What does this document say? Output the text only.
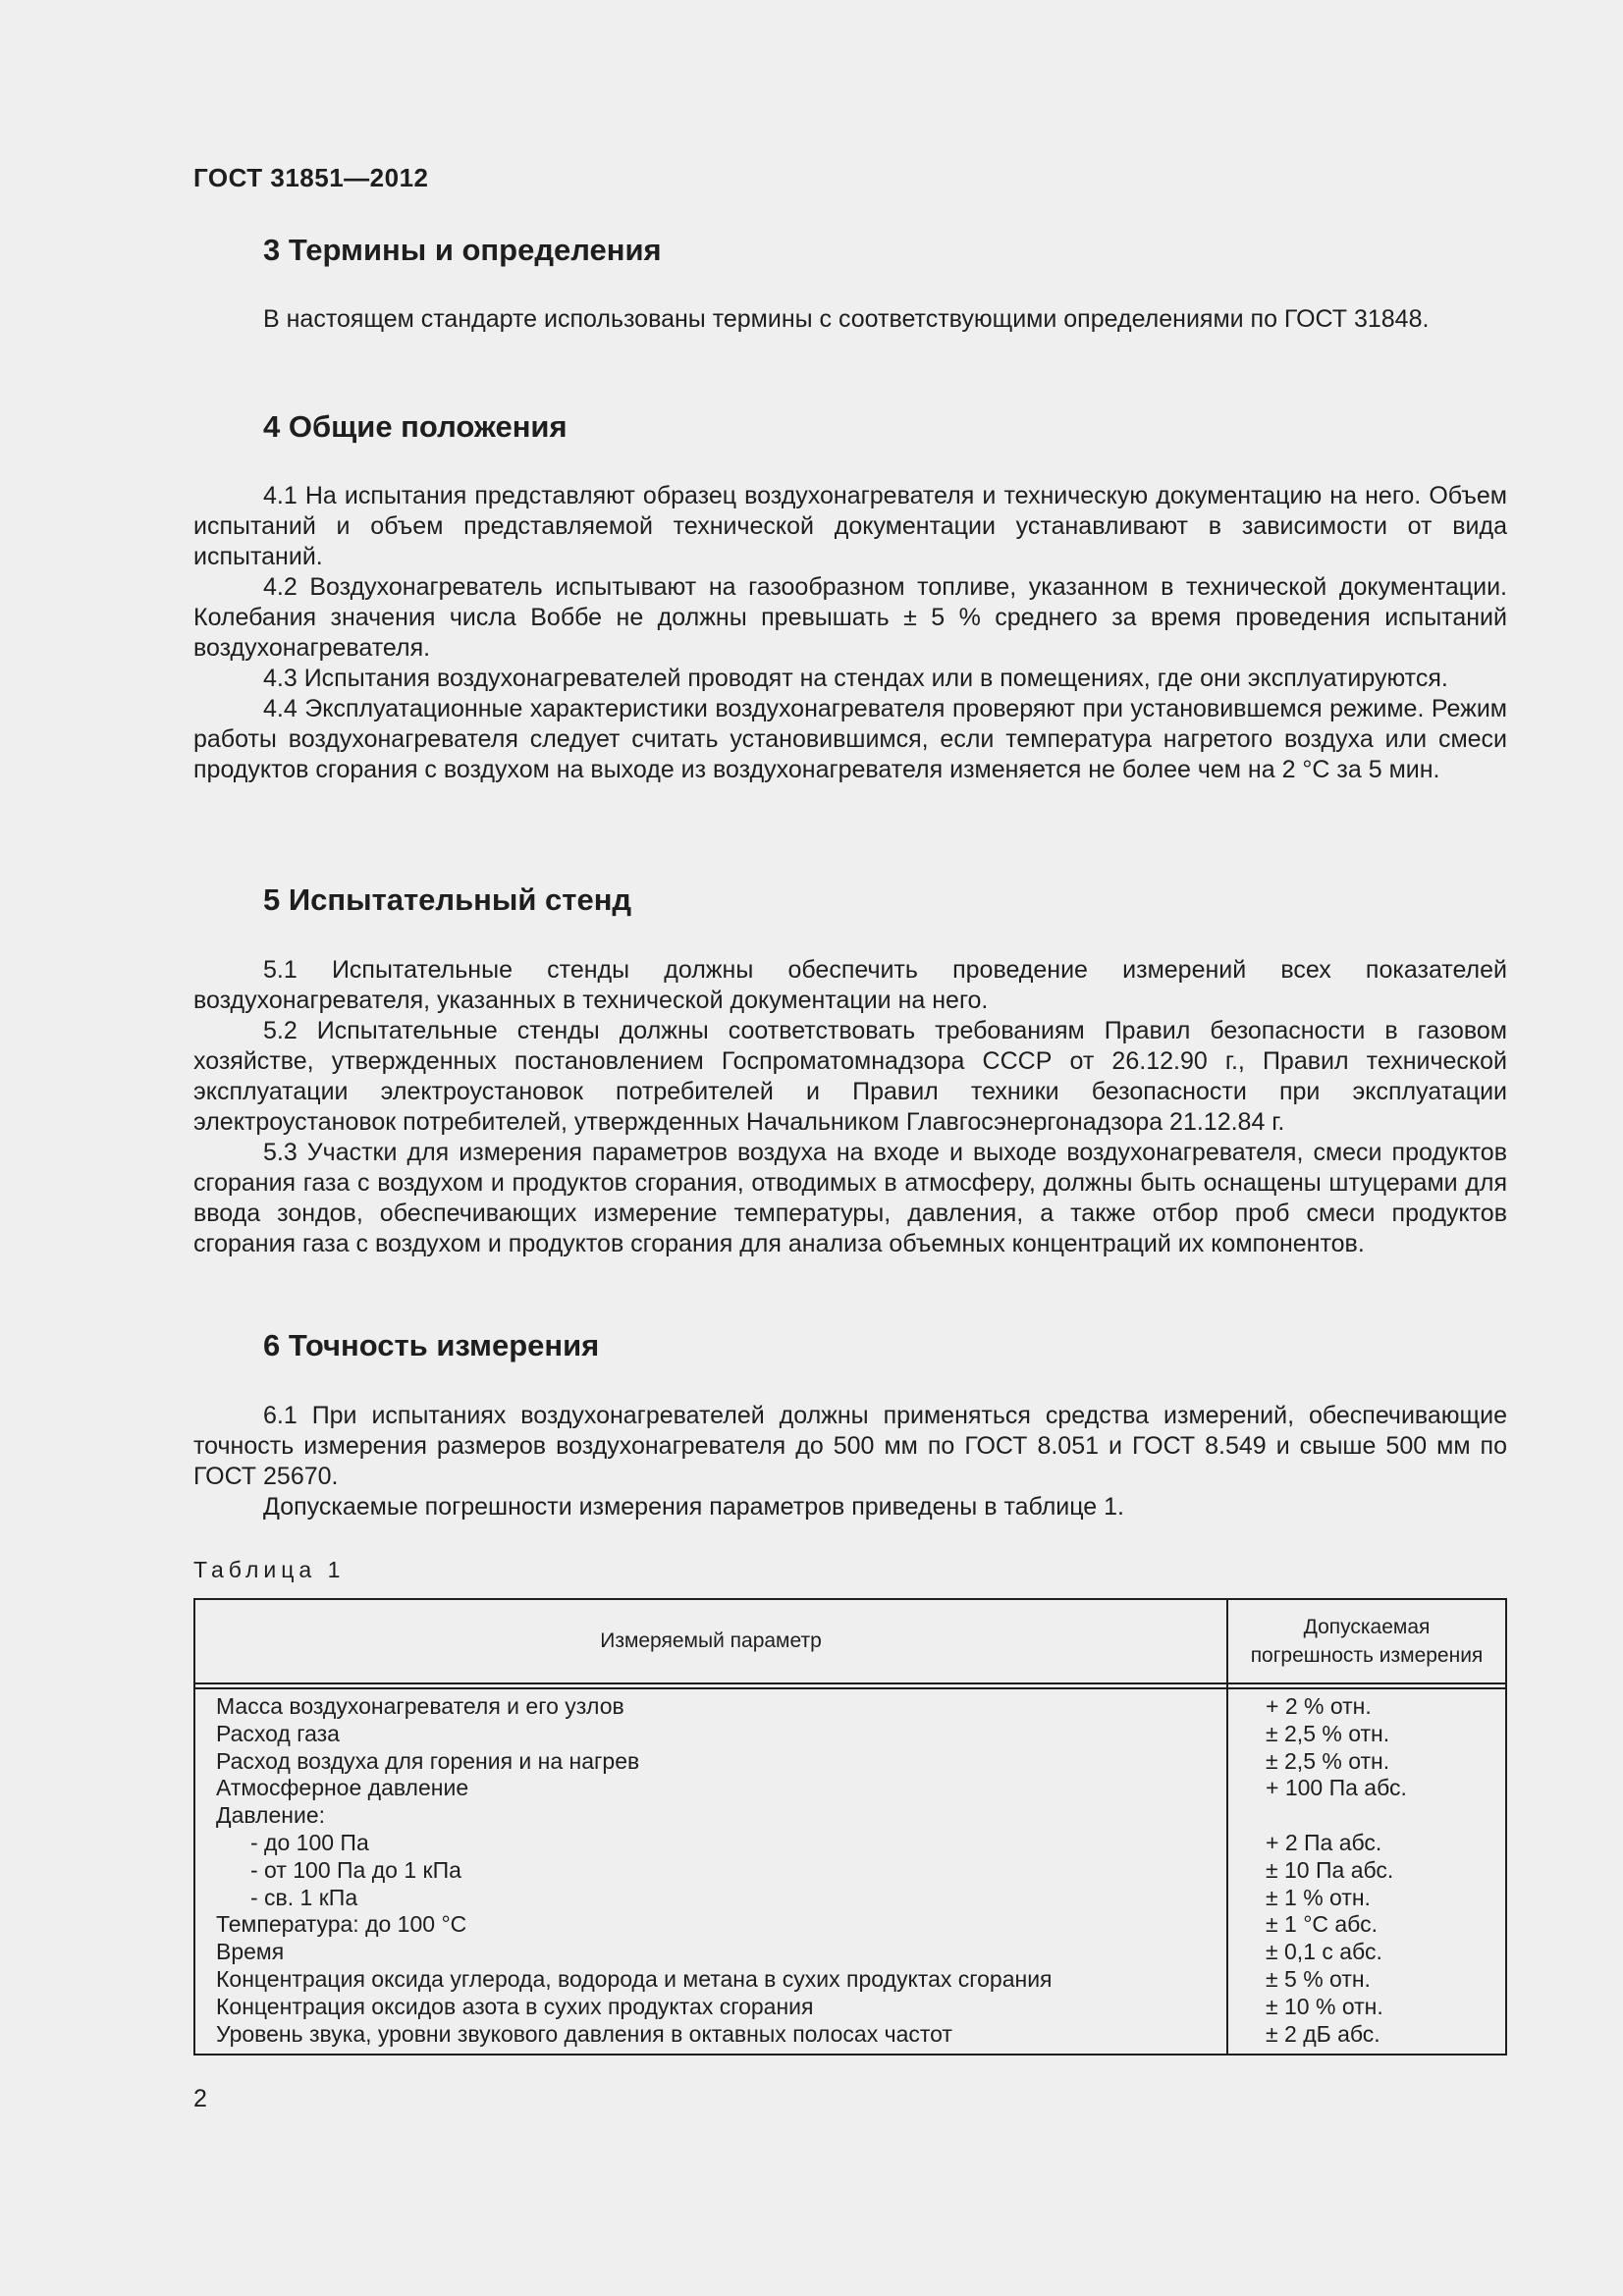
ГОСТ 31851—2012
3 Термины и определения

В настоящем стандарте использованы термины с соответствующими определениями по ГОСТ 31848.

4 Общие положения

4.1 На испытания представляют образец воздухонагревателя и техническую документацию на него. Объем испытаний и объем представляемой технической документации устанавливают в зависимости от вида испытаний.

4.2 Воздухонагреватель испытывают на газообразном топливе, указанном в технической документации. Колебания значения числа Воббе не должны превышать ± 5 % среднего за время проведения испытаний воздухонагревателя.

4.3 Испытания воздухонагревателей проводят на стендах или в помещениях, где они эксплуатируются.

4.4 Эксплуатационные характеристики воздухонагревателя проверяют при установившемся режиме. Режим работы воздухонагревателя следует считать установившимся, если температура нагретого воздуха или смеси продуктов сгорания с воздухом на выходе из воздухонагревателя изменяется не более чем на 2 °С за 5 мин.

5 Испытательный стенд

5.1 Испытательные стенды должны обеспечить проведение измерений всех показателей воздухонагревателя, указанных в технической документации на него.

5.2 Испытательные стенды должны соответствовать требованиям Правил безопасности в газовом хозяйстве, утвержденных постановлением Госпроматомнадзора СССР от 26.12.90 г., Правил технической эксплуатации электроустановок потребителей и Правил техники безопасности при эксплуатации электроустановок потребителей, утвержденных Начальником Главгосэнергонадзора 21.12.84 г.

5.3 Участки для измерения параметров воздуха на входе и выходе воздухонагревателя, смеси продуктов сгорания газа с воздухом и продуктов сгорания, отводимых в атмосферу, должны быть оснащены штуцерами для ввода зондов, обеспечивающих измерение температуры, давления, а также отбор проб смеси продуктов сгорания газа с воздухом и продуктов сгорания для анализа объемных концентраций их компонентов.

6 Точность измерения

6.1 При испытаниях воздухонагревателей должны применяться средства измерений, обеспечивающие точность измерения размеров воздухонагревателя до 500 мм по ГОСТ 8.051 и ГОСТ 8.549 и свыше 500 мм по ГОСТ 25670.

Допускаемые погрешности измерения параметров приведены в таблице 1.

Таблица 1
Измеряемый параметр
Допускаемая
погрешность измерения
Масса воздухонагревателя и его узлов	+ 2 % отн.
Расход газа	± 2,5 % отн.
Расход воздуха для горения и на нагрев	± 2,5 % отн.
Атмосферное давление	+ 100 Па абс.
Давление:
- до 100 Па	+ 2 Па абс.
- от 100 Па до 1 кПа	± 10 Па абс.
- св. 1 кПа	± 1 % отн.
Температура: до 100 °С	± 1 °С абс.
Время	± 0,1 с абс.
Концентрация оксида углерода, водорода и метана в сухих продуктах сгорания	± 5 % отн.
Концентрация оксидов азота в сухих продуктах сгорания	± 10 % отн.
Уровень звука, уровни звукового давления в октавных полосах частот	± 2 дБ абс.
2
